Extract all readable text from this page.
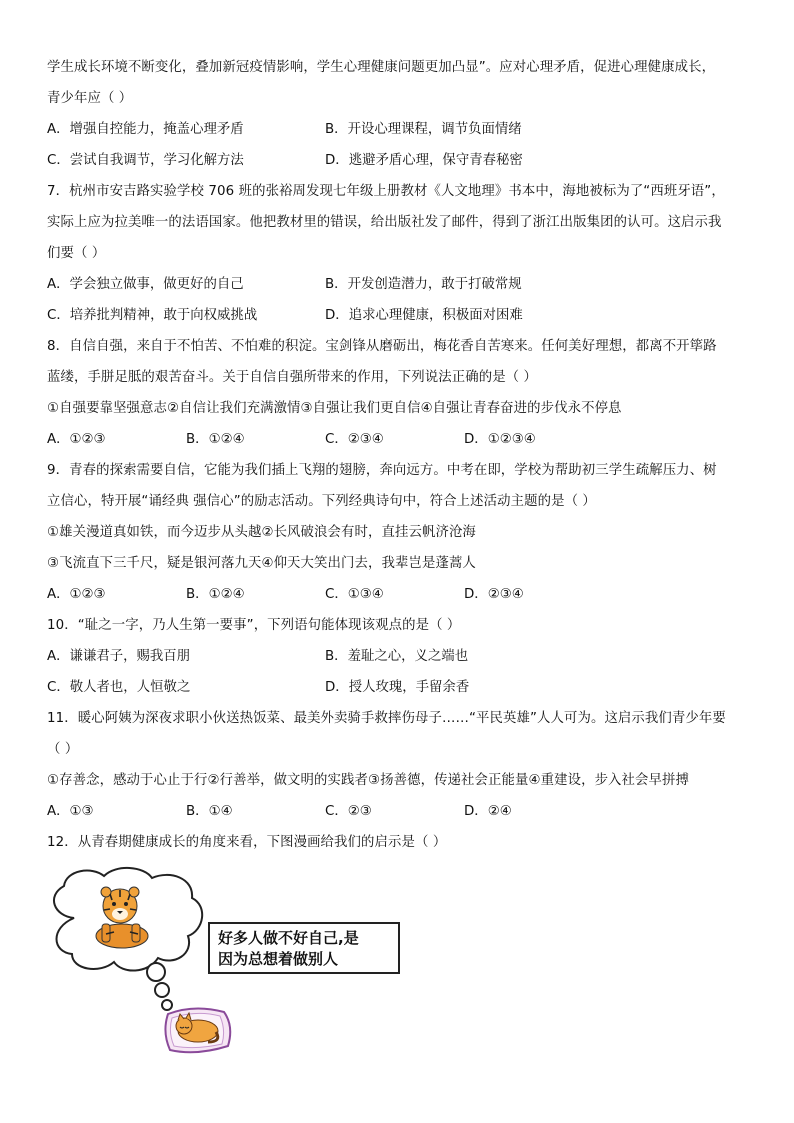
学生成长环境不断变化，叠加新冠疫情影响，学生心理健康问题更加凸显”。应对心理矛盾，促进心理健康成长，
青少年应（ ）
A．增强自控能力，掩盖心理矛盾	B．开设心理课程，调节负面情绪
C．尝试自我调节，学习化解方法	D．逃避矛盾心理，保守青春秘密
7．杭州市安吉路实验学校 706 班的张裕周发现七年级上册教材《人文地理》书本中，海地被标为了“西班牙语”，
实际上应为拉美唯一的法语国家。他把教材里的错误，给出版社发了邮件，得到了浙江出版集团的认可。这启示我
们要（ ）
A．学会独立做事，做更好的自己	B．开发创造潜力，敢于打破常规
C．培养批判精神，敢于向权威挑战	D．追求心理健康，积极面对困难
8．自信自强，来自于不怕苦、不怕难的积淀。宝剑锋从磨砺出，梅花香自苦寒来。任何美好理想，都离不开筚路
蓝缕，手胼足胝的艰苦奋斗。关于自信自强所带来的作用，下列说法正确的是（ ）
①自强要靠坚强意志②自信让我们充满激情③自强让我们更自信④自强让青春奋进的步伐永不停息
A．①②③	B．①②④	C．②③④	D．①②③④
9．青春的探索需要自信，它能为我们插上飞翔的翅膀，奔向远方。中考在即，学校为帮助初三学生疏解压力、树
立信心，特开展“诵经典 强信心”的励志活动。下列经典诗句中，符合上述活动主题的是（ ）
①雄关漫道真如铁，而今迈步从头越②长风破浪会有时，直挂云帆济沧海
③飞流直下三千尺，疑是银河落九天④仰天大笑出门去，我辈岂是蓬蒿人
A．①②③	B．①②④	C．①③④	D．②③④
10．“耻之一字，乃人生第一要事”，下列语句能体现该观点的是（ ）
A．谦谦君子，赐我百朋	B．羞耻之心，义之端也
C．敬人者也，人恒敬之	D．授人玫瑰，手留余香
11．暖心阿姨为深夜求职小伙送热饭菜、最美外卖骑手救摔伤母子……“平民英雄”人人可为。这启示我们青少年要
（ ）
①存善念，感动于心止于行②行善举，做文明的实践者③扬善德，传递社会正能量④重建设，步入社会早拼搏
A．①③	B．①④	C．②③	D．②④
12．从青春期健康成长的角度来看，下图漫画给我们的启示是（ ）
好多人做不好自己,是
因为总想着做别人
